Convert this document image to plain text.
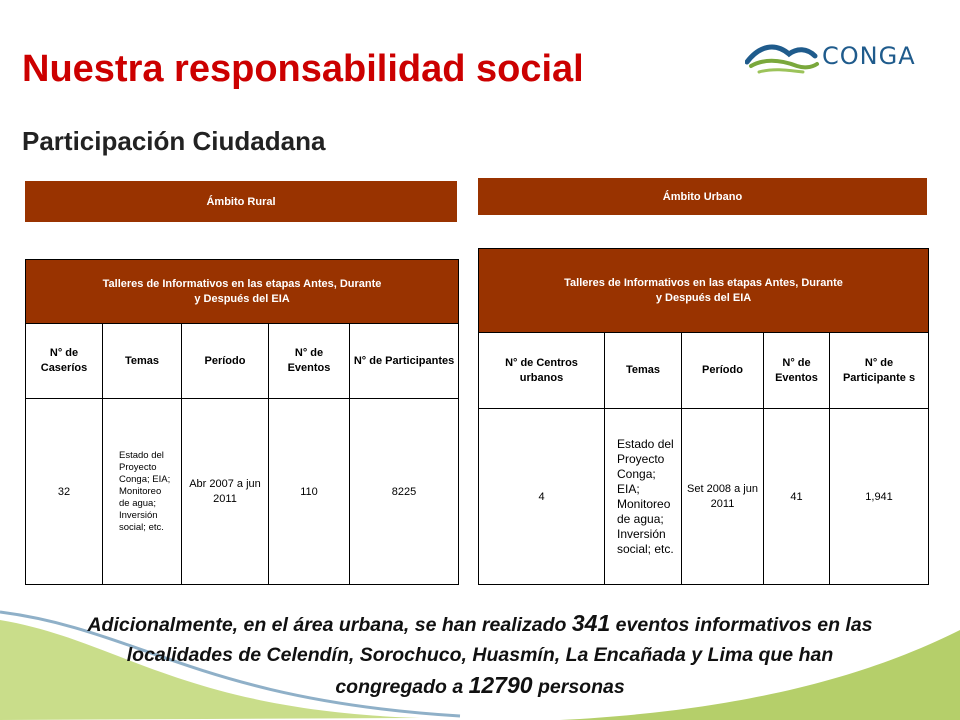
Nuestra responsabilidad social
Participación Ciudadana
CONGA
Ámbito Rural	Ámbito Urbano
Talleres de Informativos en las etapas Antes, Durante
y Después del EIA				
N° de Caseríos	Temas	Período	N° de Eventos	N° de Participantes
32	Estado del Proyecto Conga; EIA; Monitoreo de agua; Inversión social; etc.	Abr 2007 a jun 2011	110	8225
Talleres de Informativos en las etapas Antes, Durante
y Después del EIA				
N° de Centros urbanos	Temas	Período	N° de Eventos	N° de Participante s
4	Estado del Proyecto Conga; EIA; Monitoreo de agua; Inversión social; etc.	Set 2008 a jun 2011	41	1,941

Adicionalmente, en el área urbana, se han realizado 341 eventos informativos en las localidades de Celendín, Sorochuco, Huasmín, La Encañada y Lima que han congregado a 12790 personas
